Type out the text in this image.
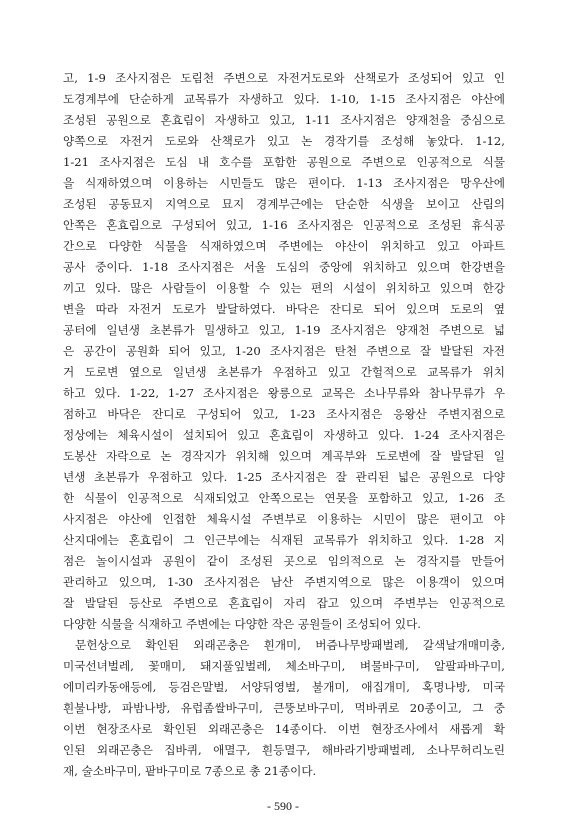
고, 1-9 조사지점은 도림천 주변으로 자전거도로와 산책로가 조성되어 있고 인
도경계부에 단순하게 교목류가 자생하고 있다. 1-10, 1-15 조사지점은 야산에
조성된 공원으로 혼효림이 자생하고 있고, 1-11 조사지점은 양재천을 중심으로
양쪽으로 자전거 도로와 산책로가 있고 논 경작기를 조성해 놓았다. 1-12,
1-21 조사지점은 도심 내 호수를 포함한 공원으로 주변으로 인공적으로 식물
을 식재하였으며 이용하는 시민들도 많은 편이다. 1-13 조사지점은 망우산에
조성된 공동묘지 지역으로 묘지 경계부근에는 단순한 식생을 보이고 산림의
안쪽은 혼효림으로 구성되어 있고, 1-16 조사지점은 인공적으로 조성된 휴식공
간으로 다양한 식물을 식재하였으며 주변에는 야산이 위치하고 있고 아파트
공사 중이다. 1-18 조사지점은 서울 도심의 중앙에 위치하고 있으며 한강변을
끼고 있다. 많은 사람들이 이용할 수 있는 편의 시설이 위치하고 있으며 한강
변을 따라 자전거 도로가 발달하였다. 바닥은 잔디로 되어 있으며 도로의 옆
공터에 일년생 초본류가 밀생하고 있고, 1-19 조사지점은 양재천 주변으로 넓
은 공간이 공원화 되어 있고, 1-20 조사지점은 탄천 주변으로 잘 발달된 자전
거 도로변 옆으로 일년생 초본류가 우점하고 있고 간헐적으로 교목류가 위치
하고 있다. 1-22, 1-27 조사지점은 왕릉으로 교목은 소나무류와 참나무류가 우
점하고 바닥은 잔디로 구성되어 있고, 1-23 조사지점은 응왕산 주변지점으로
정상에는 체육시설이 설치되어 있고 혼효림이 자생하고 있다. 1-24 조사지점은
도봉산 자락으로 논 경작지가 위치해 있으며 계곡부와 도로변에 잘 발달된 일
년생 초본류가 우점하고 있다. 1-25 조사지점은 잘 관리된 넓은 공원으로 다양
한 식물이 인공적으로 식재되었고 안쪽으로는 연못을 포함하고 있고, 1-26 조
사지점은 야산에 인접한 체육시설 주변부로 이용하는 시민이 많은 편이고 야
산지대에는 혼효림이 그 인근부에는 식재된 교목류가 위치하고 있다. 1-28 지
점은 놀이시설과 공원이 같이 조성된 곳으로 임의적으로 논 경작지를 만들어
관리하고 있으며, 1-30 조사지점은 남산 주변지역으로 많은 이용객이 있으며
잘 발달된 등산로 주변으로 혼효림이 자리 잡고 있으며 주변부는 인공적으로
다양한 식물을 식재하고 주변에는 다양한 작은 공원들이 조성되어 있다.
문헌상으로 확인된 외래곤충은 흰개미, 버즘나무방패벌레, 갈색날개매미충,
미국선녀벌레, 꽃매미, 돼지풀잎벌레, 체소바구미, 벼물바구미, 알팔파바구미,
에미리카동애등에, 등검은말벌, 서양뒤영벌, 불개미, 애집개미, 혹명나방, 미국
흰불나방, 파밤나방, 유럽좀쌀바구미, 큰뚱보바구미, 먹바퀴로 20종이고, 그 중
이번 현장조사로 확인된 외래곤충은 14종이다. 이번 현장조사에서 새롭게 확
인된 외래곤충은 집바퀴, 애멸구, 흰등멸구, 해바라기방패벌레, 소나무허리노린
재, 술소바구미, 팥바구미로 7종으로 총 21종이다.
- 590 -
